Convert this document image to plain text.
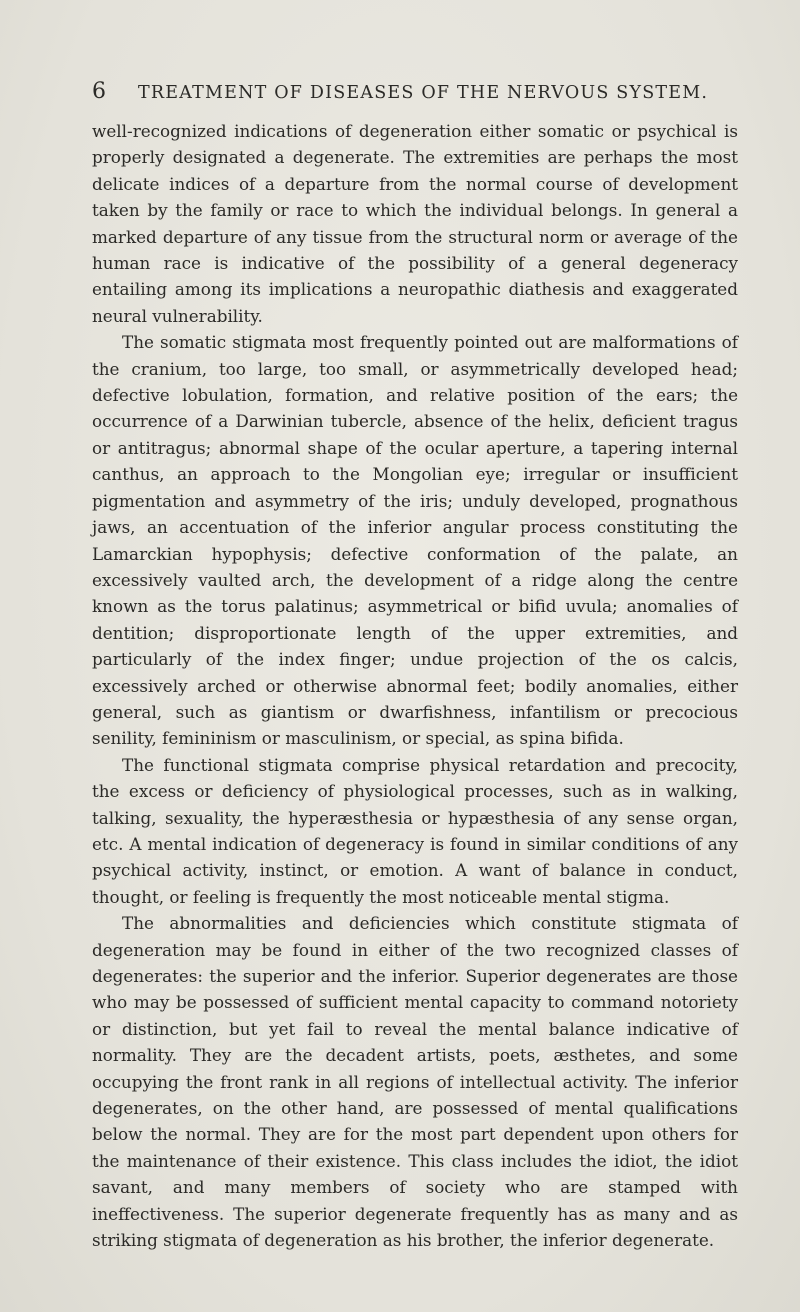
6 TREATMENT OF DISEASES OF THE NERVOUS SYSTEM.

well-recognized indications of degeneration either somatic or psychical is properly designated a degenerate. The extremities are perhaps the most delicate indices of a departure from the normal course of development taken by the family or race to which the individual belongs. In general a marked departure of any tissue from the structural norm or average of the human race is indicative of the possibility of a general degeneracy entailing among its implications a neuropathic diathesis and exaggerated neural vulnerability.

The somatic stigmata most frequently pointed out are malformations of the cranium, too large, too small, or asymmetrically developed head; defective lobulation, formation, and relative position of the ears; the occurrence of a Darwinian tubercle, absence of the helix, deficient tragus or antitragus; abnormal shape of the ocular aperture, a tapering internal canthus, an approach to the Mongolian eye; irregular or insufficient pigmentation and asymmetry of the iris; unduly developed, prognathous jaws, an accentuation of the inferior angular process constituting the Lamarckian hypophysis; defective conformation of the palate, an excessively vaulted arch, the development of a ridge along the centre known as the torus palatinus; asymmetrical or bifid uvula; anomalies of dentition; disproportionate length of the upper extremities, and particularly of the index finger; undue projection of the os calcis, excessively arched or otherwise abnormal feet; bodily anomalies, either general, such as giantism or dwarfishness, infantilism or precocious senility, femininism or masculinism, or special, as spina bifida.

The functional stigmata comprise physical retardation and precocity, the excess or deficiency of physiological processes, such as in walking, talking, sexuality, the hyperæsthesia or hypæsthesia of any sense organ, etc. A mental indication of degeneracy is found in similar conditions of any psychical activity, instinct, or emotion. A want of balance in conduct, thought, or feeling is frequently the most noticeable mental stigma.

The abnormalities and deficiencies which constitute stigmata of degeneration may be found in either of the two recognized classes of degenerates: the superior and the inferior. Superior degenerates are those who may be possessed of sufficient mental capacity to command notoriety or distinction, but yet fail to reveal the mental balance indicative of normality. They are the decadent artists, poets, æsthetes, and some occupying the front rank in all regions of intellectual activity. The inferior degenerates, on the other hand, are possessed of mental qualifications below the normal. They are for the most part dependent upon others for the maintenance of their existence. This class includes the idiot, the idiot savant, and many members of society who are stamped with ineffectiveness. The superior degenerate frequently has as many and as striking stigmata of degeneration as his brother, the inferior degenerate.
